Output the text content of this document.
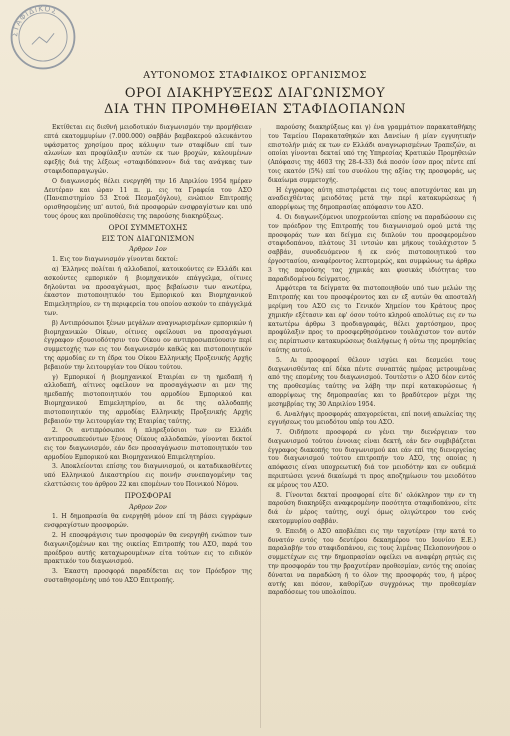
ΣΤΑΦΙΔΙΚΟΣ
ΑΥΤΟΝΟΜΟΣ ΣΤΑΦΙΔΙΚΟΣ ΟΡΓΑΝΙΣΜΟΣ
ΟΡΟΙ ΔΙΑΚΗΡΥΞΕΩΣ ΔΙΑΓΩΝΙΣΜΟΥ
ΔΙΑ ΤΗΝ ΠΡΟΜΗΘΕΙΑΝ ΣΤΑΦΙΔΟΠΑΝΩΝ

Εκτίθεται εις διεθνή μειοδοτικόν διαγωνισμόν την προμήθειαν επτά εκατομμυρίων (7.000.000) σαββάν βαμβακερού αλευκάντου υφάσματος χρησίμου προς κάλυψιν των σταφίδων επί των αλωνίων και προφύλαξιν αυτών εκ των βροχών, καλουμένων εφεξής διά της λέξεως «σταφιδόπανον» διά τας ανάγκας των σταφιδοπαραγωγών.

Ο διαγωνισμός θέλει ενεργηθή την 16 Απριλίου 1954 ημέραν Δευτέραν και ώραν 11 π. μ. εις τα Γραφεία του ΑΣΟ (Πανεπιστημίου 53 Στοά Πεσμαζόγλου), ενώπιον Επιτροπής ορισθησομένης υπ' αυτού, διά προσφορών ενσφραγίστων και υπό τους όρους και προϋποθέσεις της παρούσης διακηρύξεως.

ΟΡΟΙ ΣΥΜΜΕΤΟΧΗΣ

ΕΙΣ ΤΟΝ ΔΙΑΓΩΝΙΣΜΟΝ

Άρθρον 1ον

1. Εις τον διαγωνισμόν γίνονται δεκτοί:

α) Έλληνες πολίται ή αλλοδαποί, κατοικούντες εν Ελλάδι και ασκούντες εμπορικόν ή βιομηχανικόν επάγγελμα, οίτινες δηλούνται να προσαγάγωσι, προς βεβαίωσιν των ανωτέρω, έκαστον πιστοποιητικόν του Εμπορικού και Βιομηχανικού Επιμελητηρίου, εν τη περιφερεία του οποίου ασκούν το επάγγελμά των.

β) Αντιπρόσωποι ξένων μεγάλων αναγνωρισμένων εμπορικών ή βιομηχανικών Οίκων, οίτινες οφείλουσι να προσαγάγωσι έγγραφον εξουσιοδότησιν του Οίκου ον αντιπροσωπεύουσιν περί συμμετοχής των εις τον διαγωνισμόν καθώς και πιστοποιητικόν της αρμοδίας εν τη έδρα του Οίκου Ελληνικής Προξενικής Αρχής βεβαιούν την λειτουργίαν του Οίκου τούτου.

γ) Εμπορικοί ή βιομηχανικοί Εταιρίαι εν τη ημεδαπή ή αλλοδαπή, αίτινες οφείλουν να προσαγάγωσιν αι μεν της ημεδαπής πιστοποιητικόν του αρμοδίου Εμπορικού και Βιομηχανικού Επιμελητηρίου, αι δε της αλλοδαπής πιστοποιητικόν της αρμοδίας Ελληνικής Προξενικής Αρχής βεβαιούν την λειτουργίαν της Εταιρίας ταύτης.

2. Οι αντιπρόσωποι ή πληρεξούσιοι των εν Ελλάδι αντιπροσωπευόντων ξένους Οίκους αλλοδαπών, γίνονται δεκτοί εις τον διαγωνισμόν, εάν δεν προσαγάγωσιν πιστοποιητικόν του αρμοδίου Εμπορικού και Βιομηχανικού Επιμελητηρίου.

3. Αποκλείονται επίσης του διαγωνισμού, οι καταδικασθέντες υπό Ελληνικού Δικαστηρίου εις ποινήν συνεπαγομένην τας ελαττώσεις του άρθρου 22 και επομένων του Ποινικού Νόμου.

ΠΡΟΣΦΟΡΑΙ

Άρθρον 2ον

1. Η δημοπρασία θα ενεργηθή μόνον επί τη βάσει εγγράφων ενσφραγίστων προσφορών.

2. Η εποσφράγισις των προσφορών θα ενεργηθή ενώπιον των διαγωνιζομένων και της οικείας Επιτροπής του ΑΣΟ, παρά του προέδρου αυτής καταχωρουμένων είτα τούτων εις το ειδικόν πρακτικόν του διαγωνισμού.

3. Έκαστη προσφορά παραδίδεται εις τον Πρόεδρον της συσταθησομένης υπό του ΑΣΟ Επιτροπής.

παρούσης διακηρύξεως και γ) ένα γραμμάτιον παρακαταθήκης του Ταμείου Παρακαταθηκών και Δανείων ή μίαν εγγυητικήν επιστολήν μιάς εκ των εν Ελλάδι αναγνωρισμένων Τραπεζών, αι οποίαι γίνονται δεκταί υπό της Υπηρεσίας Κρατικών Προμηθειών (Απόφασις της 4603 της 28-4-33) διά ποσόν ίσον προς πέντε επί τοις εκατόν (5%) επί του συνόλου της αξίας της προσφοράς, ως δικαίωμα συμμετοχής.

Η έγγραφος αύτη επιστρέφεται εις τους αποτυχόντας και μη αναδειχθέντας μειοδότας μετά την περί κατακυρώσεως ή απορρίψεως της δημοπρασίας απόφασιν του ΑΣΟ.

4. Οι διαγωνιζόμενοι υποχρεούνται επίσης να παραδώσουν εις τον πρόεδρον της Επιτροπής του διαγωνισμού ομού μετά της προσφοράς των και δείγμα εις διπλούν του προσφερομένου σταφιδοπάνου, πλάτους 31 ιντσών και μήκους τουλάχιστον 5 σαββάν, συνοδευόμενον ή εκ ενός πιστοποιητικού του έργοστασίου, αναφέροντος λεπτομερώς, και συμφώνως τω άρθρω 3 της παρούσης τας χημικάς και φυσικάς ιδιότητας του παραδιδομένου δείγματος.

Αμφότερα τα δείγματα θα πιστοποιηθούν υπό των μελών της Επιτροπής και του προσφέροντος και εν εξ αυτών θα αποσταλή μερίμνη του ΑΣΟ εις το Γενικόν Χημείον του Κράτους προς χημικήν εξέτασιν και εφ' όσον τούτο κληρού απολύτως εις εν τω κατωτέρω άρθρω 3 προδιαγραφάς, θέλει χαρτόσημον, προς προφύλαξιν προς το προσφερθησόμενον τουλάχιστον τον αυτόν εις περίπτωσιν κατακυρώσεως διαλήψεως ή ούτω της προμηθείας ταύτης αυτού.

5. Αι προσφοραί θέλουν ισχύει και δεσμεύει τους διαγωνισθέντας επί δέκα πέντε συναπτάς ημέρας μετρουμένας από της επομένης του διαγωνισμού. Τουτέστιν ο ΑΣΟ δέον εντός της προθεσμίας ταύτης να λάβη την περί κατακυρώσεως ή απορρίψεως της δημοπρασίας και το βραδύτερον μέχρι της μεσημβρίας της 30 Απριλίου 1954.

6. Αναλήψις προσφοράς απαγορεύεται, επί ποινή απωλείας της εγγυήσεως του μειοδότου υπέρ του ΑΣΟ.

7. Οιδήποτε προσφορά εν γένει την διενέργειαν του διαγωνισμού τούτου έννοιας είναι δεκτή, εάν δεν συμβιβάζεται έγγραφος διακοπής του διαγωνισμού και εάν επί της διενεργείας του διαγωνισμού τούτου επιτροπήν του ΑΣΟ, της οποίας η απόφασις είναι υποχρεωτική διά τον μειοδότην και εν ουδεμιά περιπτώσει γεννά δικαίωμά τι προς αποζημίωσιν του μειοδότου εκ μέρους του ΑΣΟ.

8. Γίνονται δεκταί προσφοραί είτε δι' ολόκληρον την εν τη παρούση διακηρύξει αναφερομένην ποσότητα σταφιδοπάνου, είτε διά έν μέρος ταύτης, ουχί όμως ολιγώτερον του ενός εκατομμυρίου σαββάν.

9. Επειδή ο ΑΣΟ αποβλέπει εις την ταχυτέραν (την κατά το δυνατόν εντός του δευτέρου δεκαημέρου του Ιουνίου Ε.Ε.) παραλαβήν του σταφιδοπάνου, εις τους λιμένας Πελοποννήσου ο συμμετέχων εις την δημοπρασίαν οφείλει να αναφέρη ρητώς εις την προσφοράν του την βραχυτέραν προθεσμίαν, εντός της οποίας δύναται να παραδώση ή το όλον της προσφοράς του, ή μέρος αυτής και πόσον, καθορίζων συγχρόνως την προθεσμίαν παραδόσεως του υπολοίπου.
